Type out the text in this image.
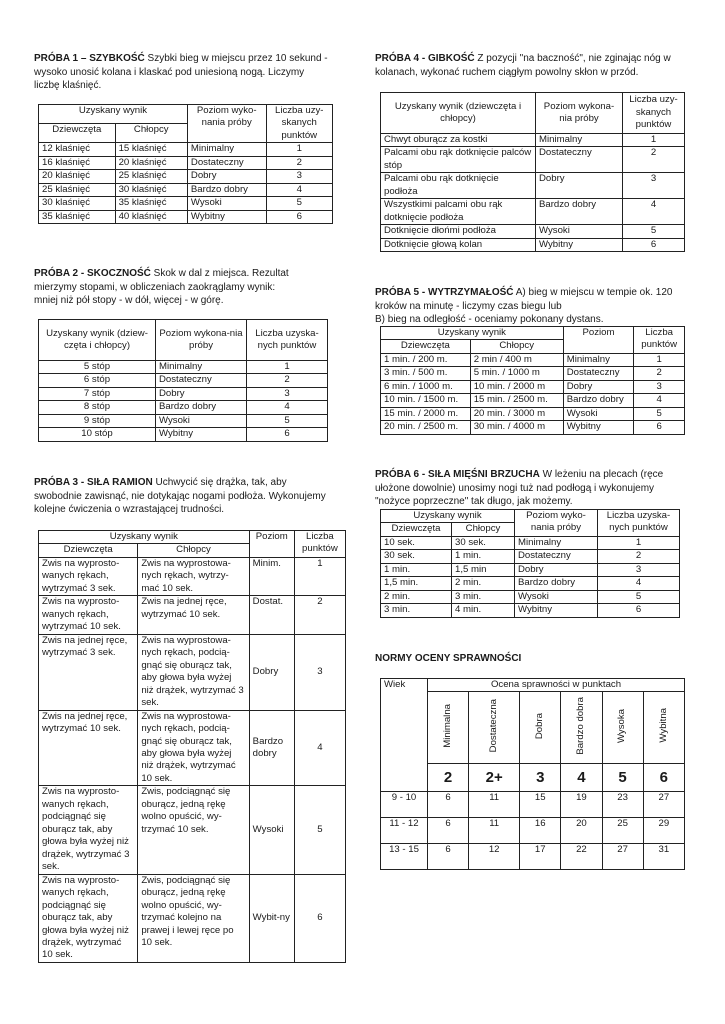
PRÓBA 1 – SZYBKOŚĆ Szybki bieg w miejscu przez 10 sekund - wysoko unosić kolana i klaskać pod uniesioną nogą. Liczymy liczbę klaśnięć.

Uzyskany wynik		Poziom wyko-nania próby	Liczba uzy-skanych punktów
Dziewczęta	Chłopcy		
12 klaśnięć	15 klaśnięć	Minimalny	1
16 klaśnięć	20 klaśnięć	Dostateczny	2
20 klaśnięć	25 klaśnięć	Dobry	3
25 klaśnięć	30 klaśnięć	Bardzo dobry	4
30 klaśnięć	35 klaśnięć	Wysoki	5
35 klaśnięć	40 klaśnięć	Wybitny	6

PRÓBA 2 - SKOCZNOŚĆ Skok w dal z miejsca. Rezultat mierzymy stopami, w obliczeniach zaokrąglamy wynik:

mniej niż pół stopy - w dół, więcej - w górę.

Uzyskany wynik (dziew-częta i chłopcy)	Poziom wykona-nia próby	Liczba uzyska-nych punktów
5 stóp	Minimalny	1
6 stóp	Dostateczny	2
7 stóp	Dobry	3
8 stóp	Bardzo dobry	4
9 stóp	Wysoki	5
10 stóp	Wybitny	6

PRÓBA 3 - SIŁA RAMION Uchwycić się drążka, tak, aby swobodnie zawisnąć, nie dotykając nogami podłoża. Wykonujemy kolejne ćwiczenia o wzrastającej trudności.

Uzyskany wynik		Poziom	Liczba punktów
Dziewczęta	Chłopcy		
Zwis na wyprosto-wanych rękach, wytrzymać 3 sek.	Zwis na wyprostowa-nych rękach, wytrzy-mać 10 sek.	Minim.	1
Zwis na wyprosto-wanych rękach, wytrzymać 10 sek.	Zwis na jednej ręce, wytrzymać 10 sek.	Dostat.	2
Zwis na jednej ręce, wytrzymać 3 sek.	Zwis na wyprostowa-nych rękach, podcią-gnąć się oburącz tak, aby głowa była wyżej niż drążek, wytrzymać 3 sek.	Dobry	3
Zwis na jednej ręce, wytrzymać 10 sek.	Zwis na wyprostowa-nych rękach, podcią-gnąć się oburącz tak, aby głowa była wyżej niż drążek, wytrzymać 10 sek.	Bardzo dobry	4
Zwis na wyprosto-wanych rękach, podciągnąć się oburącz tak, aby głowa była wyżej niż drążek, wytrzymać 3 sek.	Zwis, podciągnąć się oburącz, jedną rękę wolno opuścić, wy-trzymać 10 sek.	Wysoki	5
Zwis na wyprosto-wanych rękach, podciągnąć się oburącz tak, aby głowa była wyżej niż drążek, wytrzymać 10 sek.	Zwis, podciągnąć się oburącz, jedną rękę wolno opuścić, wy-trzymać kolejno na prawej i lewej ręce po 10 sek.	Wybit-ny	6

PRÓBA 4 - GIBKOŚĆ Z pozycji "na baczność", nie zginając nóg w kolanach, wykonać ruchem ciągłym powolny skłon w przód.

Uzyskany wynik (dziewczęta i chłopcy)	Poziom wykona-nia próby	Liczba uzy-skanych punktów
Chwyt oburącz za kostki	Minimalny	1
Palcami obu rąk dotknięcie palców stóp	Dostateczny	2
Palcami obu rąk dotknięcie podłoża	Dobry	3
Wszystkimi palcami obu rąk dotknięcie podłoża	Bardzo dobry	4
Dotknięcie dłońmi podłoża	Wysoki	5
Dotknięcie głową kolan	Wybitny	6

PRÓBA 5 - WYTRZYMAŁOŚĆ A) bieg w miejscu w tempie ok. 120 kroków na minutę - liczymy czas biegu lub

B) bieg na odległość - oceniamy pokonany dystans.

Uzyskany wynik		Poziom	Liczba punktów
Dziewczęta	Chłopcy		
1 min. / 200 m.	2 min / 400 m	Minimalny	1
3 min. / 500 m.	5 min. / 1000 m	Dostateczny	2
6 min. / 1000 m.	10 min. / 2000 m	Dobry	3
10 min. / 1500 m.	15 min. / 2500 m.	Bardzo dobry	4
15 min. / 2000 m.	20 min. / 3000 m	Wysoki	5
20 min. / 2500 m.	30 min. / 4000 m	Wybitny	6

PRÓBA 6 - SIŁA MIĘŚNI BRZUCHA W leżeniu na plecach (ręce ułożone dowolnie) unosimy nogi tuż nad podłogą i wykonujemy "nożyce poprzeczne" tak długo, jak możemy.

Uzyskany wynik		Poziom wyko-nania próby	Liczba uzyska-nych punktów
Dziewczęta	Chłopcy		
10 sek.	30 sek.	Minimalny	1
30 sek.	1 min.	Dostateczny	2
1 min.	1,5 min	Dobry	3
1,5 min.	2 min.	Bardzo dobry	4
2 min.	3 min.	Wysoki	5
3 min.	4 min.	Wybitny	6
NORMY OCENY SPRAWNOŚCI
Wiek	Ocena sprawności w punktach					
	Minimalna	Dostateczna	Dobra	Bardzo dobra	Wysoka	Wybitna
	2	2+	3	4	5	6
9 - 10	6	11	15	19	23	27
11 - 12	6	11	16	20	25	29
13 - 15	6	12	17	22	27	31
